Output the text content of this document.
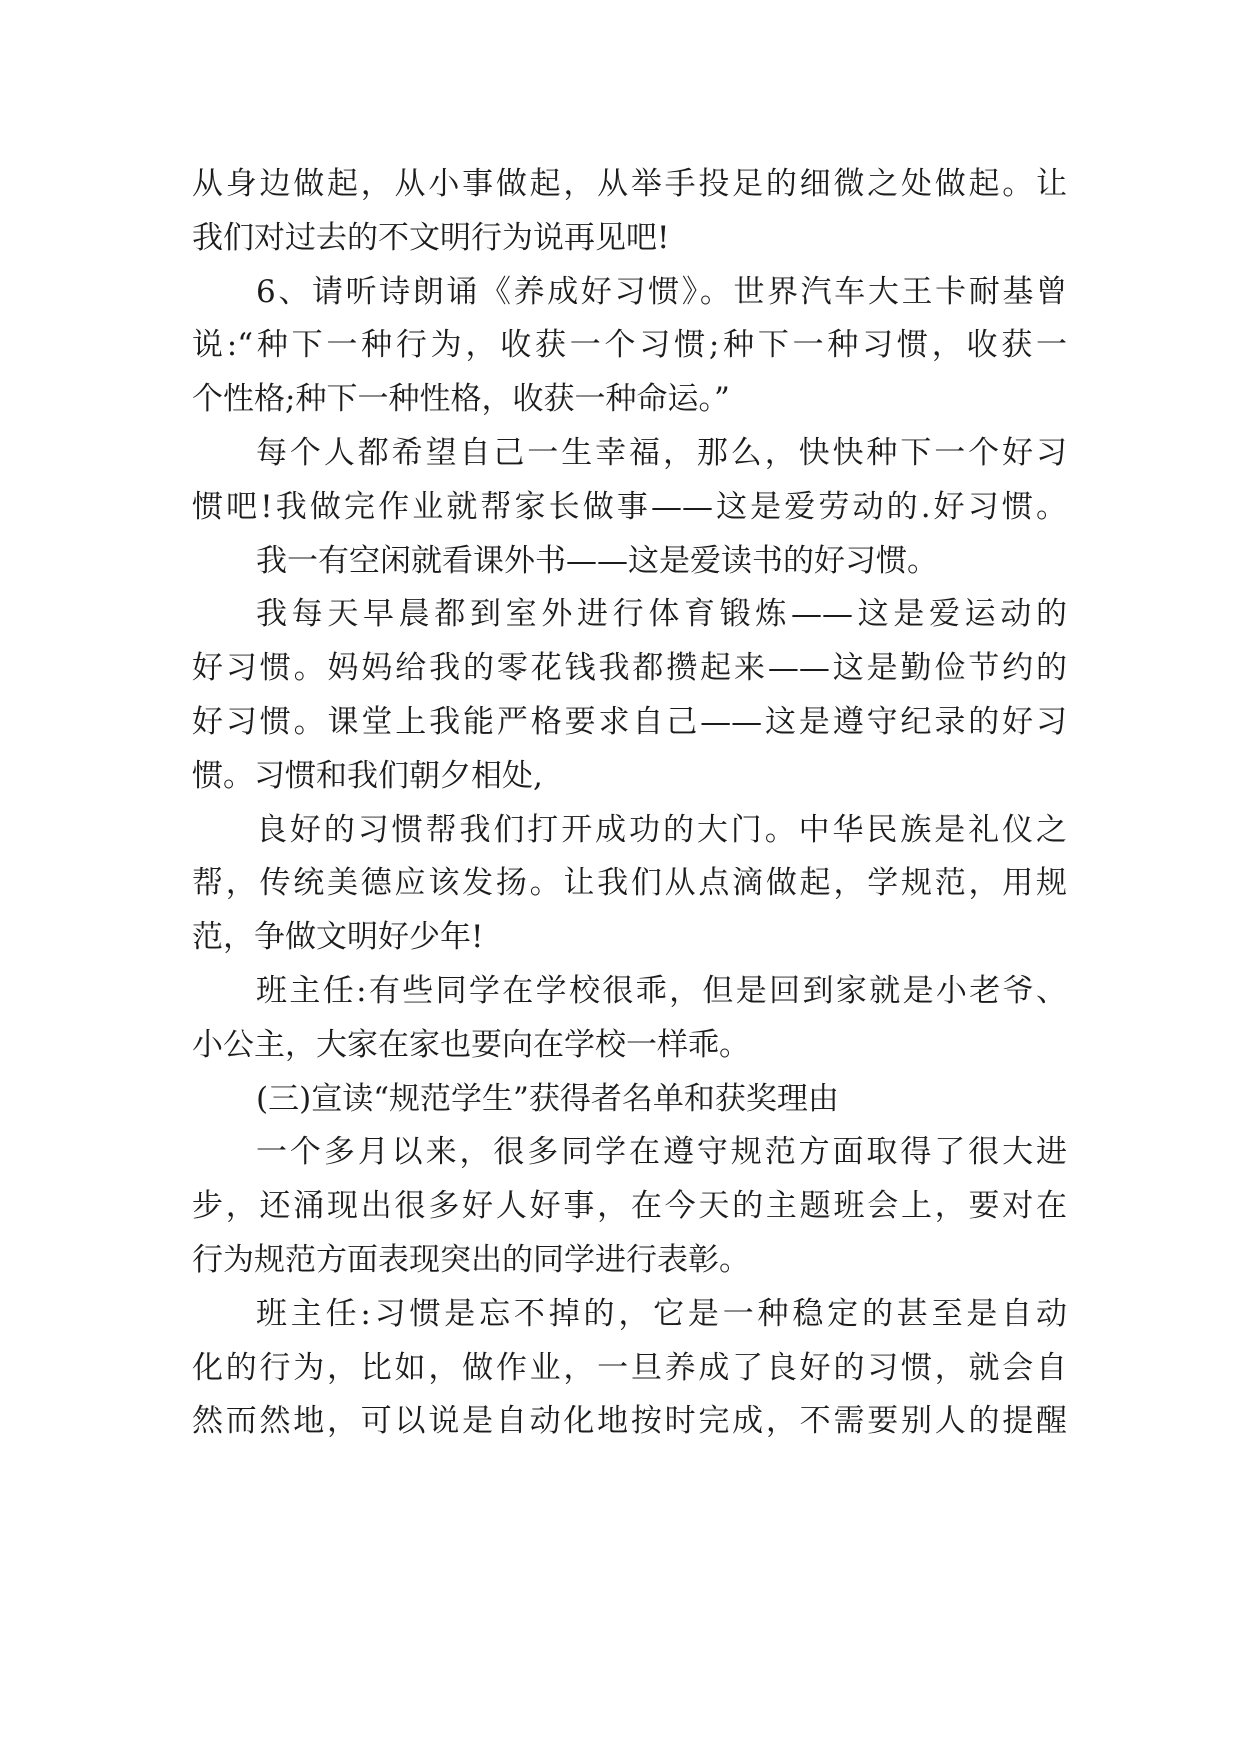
从身边做起，从小事做起，从举手投足的细微之处做起。让
我们对过去的不文明行为说再见吧!
6、请听诗朗诵《养成好习惯》。世界汽车大王卡耐基曾
说:“种下一种行为，收获一个习惯;种下一种习惯，收获一
个性格;种下一种性格，收获一种命运。”
每个人都希望自己一生幸福，那么，快快种下一个好习
惯吧!我做完作业就帮家长做事——这是爱劳动的.好习惯。
我一有空闲就看课外书——这是爱读书的好习惯。
我每天早晨都到室外进行体育锻炼——这是爱运动的
好习惯。妈妈给我的零花钱我都攒起来——这是勤俭节约的
好习惯。课堂上我能严格要求自己——这是遵守纪录的好习
惯。习惯和我们朝夕相处,
良好的习惯帮我们打开成功的大门。中华民族是礼仪之
帮，传统美德应该发扬。让我们从点滴做起，学规范，用规
范，争做文明好少年!
班主任:有些同学在学校很乖，但是回到家就是小老爷、
小公主，大家在家也要向在学校一样乖。
(三)宣读“规范学生”获得者名单和获奖理由
一个多月以来，很多同学在遵守规范方面取得了很大进
步，还涌现出很多好人好事，在今天的主题班会上，要对在
行为规范方面表现突出的同学进行表彰。
班主任:习惯是忘不掉的，它是一种稳定的甚至是自动
化的行为，比如，做作业，一旦养成了良好的习惯，就会自
然而然地，可以说是自动化地按时完成，不需要别人的提醒
